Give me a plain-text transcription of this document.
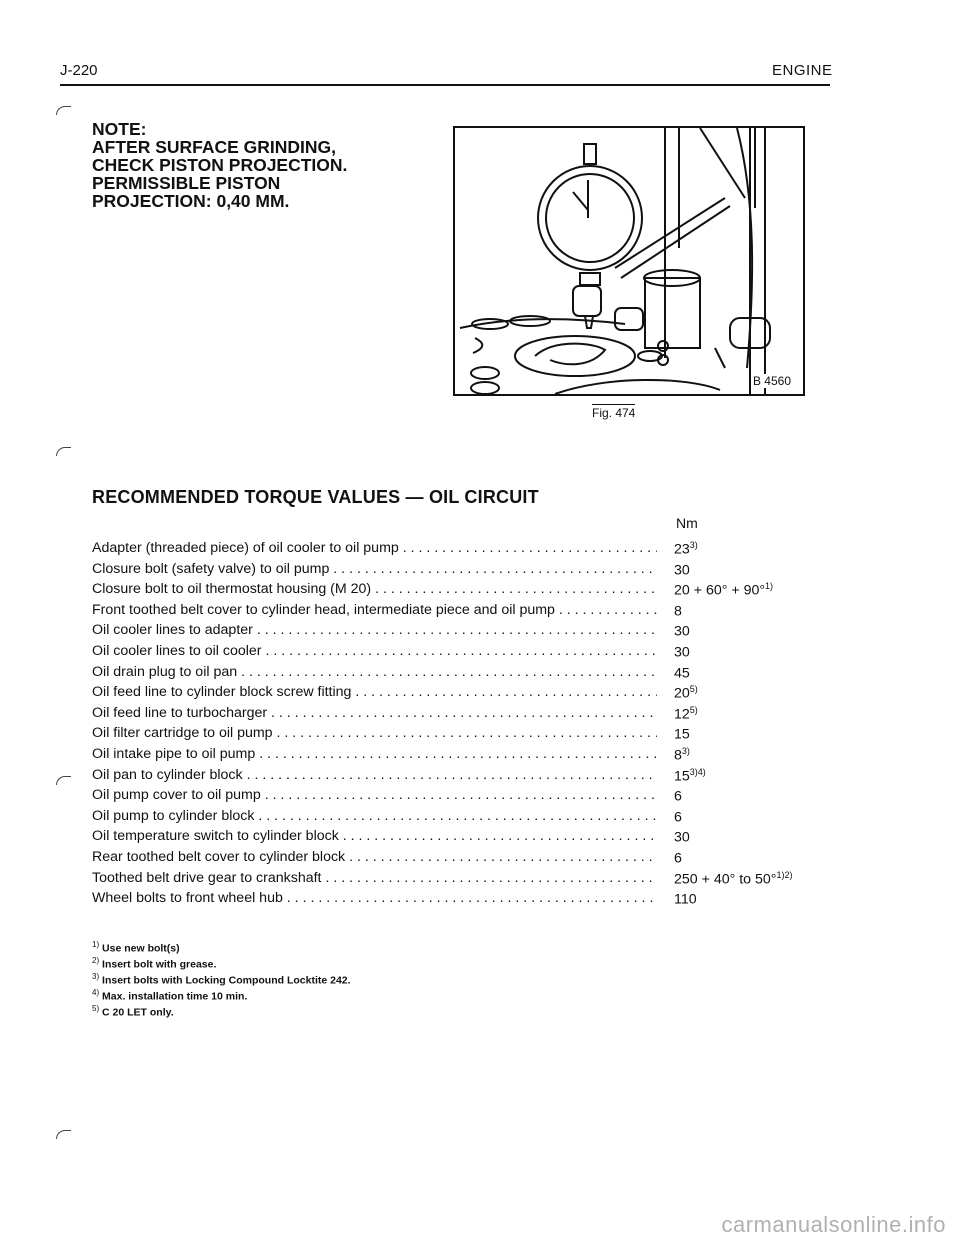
J-220	ENGINE
NOTE:
AFTER SURFACE GRINDING,
CHECK PISTON PROJECTION.
PERMISSIBLE PISTON
PROJECTION: 0,40 MM.
B 4560
Fig. 474
RECOMMENDED TORQUE VALUES — OIL CIRCUIT
Nm
Adapter (threaded piece) of oil cooler to oil pump . . .	23$^{3)}$
Closure bolt (safety valve) to oil pump . . .	30
Closure bolt to oil thermostat housing (M 20) . . .	20 + 60° + 90°$^{1)}$
Front toothed belt cover to cylinder head, intermediate piece and oil pump . . .	8
Oil cooler lines to adapter . . .	30
Oil cooler lines to oil cooler . . .	30
Oil drain plug to oil pan . . .	45
Oil feed line to cylinder block screw fitting . . .	20$^{5)}$
Oil feed line to turbocharger . . .	12$^{5)}$
Oil filter cartridge to oil pump . . .	15
Oil intake pipe to oil pump . . .	8$^{3)}$
Oil pan to cylinder block . . .	$15^{3)4)}$
Oil pump cover to oil pump . . .	6
Oil pump to cylinder block . . .	6
Oil temperature switch to cylinder block . . .	30
Rear toothed belt cover to cylinder block . . .	6
Toothed belt drive gear to crankshaft . . .	250 + 40° to 50°$^{1)2)}$
Wheel bolts to front wheel hub . . .	110
$^{1)}$ Use new bolt(s)
$^{2)}$ Insert bolt with grease.
$^{3)}$ Insert bolts with Locking Compound Locktite 242.
$^{4)}$ Max. installation time 10 min.
$^{5)}$ C 20 LET only.
carmanualsonline.info
